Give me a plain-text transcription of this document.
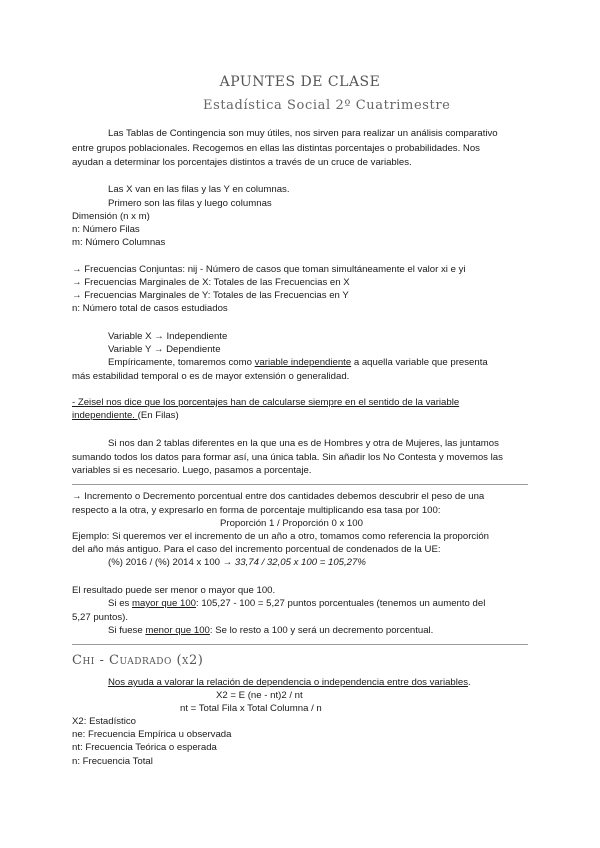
APUNTES DE CLASE
Estadística Social 2º Cuatrimestre
Las Tablas de Contingencia son muy útiles, nos sirven para realizar un análisis comparativo
entre grupos poblacionales. Recogemos en ellas las distintas porcentajes o probabilidades. Nos
ayudan a determinar los porcentajes distintos a través de un cruce de variables.
Las X van en las filas y las Y en columnas.
Primero son las filas y luego columnas
Dimensión (n x m)
n: Número Filas
m: Número Columnas
→ Frecuencias Conjuntas: nij - Número de casos que toman simultáneamente el valor xi e yi
→ Frecuencias Marginales de X: Totales de las Frecuencias en X
→ Frecuencias Marginales de Y: Totales de las Frecuencias en Y
n: Número total de casos estudiados
Variable X → Independiente
Variable Y → Dependiente
Empíricamente, tomaremos como variable independiente a aquella variable que presenta
más estabilidad temporal o es de mayor extensión o generalidad.
- Zeisel nos dice que los porcentajes han de calcularse siempre en el sentido de la variable
independiente. (En Filas)
Si nos dan 2 tablas diferentes en la que una es de Hombres y otra de Mujeres, las juntamos
sumando todos los datos para formar así, una única tabla. Sin añadir los No Contesta y movemos las
variables si es necesario. Luego, pasamos a porcentaje.
→ Incremento o Decremento porcentual entre dos cantidades debemos descubrir el peso de una
respecto a la otra, y expresarlo en forma de porcentaje multiplicando esa tasa por 100:
Proporción 1 / Proporción 0 x 100
Ejemplo: Si queremos ver el incremento de un año a otro, tomamos como referencia la proporción
del año más antiguo. Para el caso del incremento porcentual de condenados de la UE:
(%) 2016 / (%) 2014 x 100 → 33,74 / 32,05 x 100 = 105,27%
El resultado puede ser menor o mayor que 100.
Si es mayor que 100: 105,27 - 100 = 5,27 puntos porcentuales (tenemos un aumento del
5,27 puntos).
Si fuese menor que 100: Se lo resto a 100 y será un decremento porcentual.
Chi - Cuadrado (x2)
Nos ayuda a valorar la relación de dependencia o independencia entre dos variables.
X2 = E (ne - nt)2 / nt
nt = Total Fila x Total Columna / n
X2: Estadístico
ne: Frecuencia Empírica u observada
nt: Frecuencia Teórica o esperada
n: Frecuencia Total
